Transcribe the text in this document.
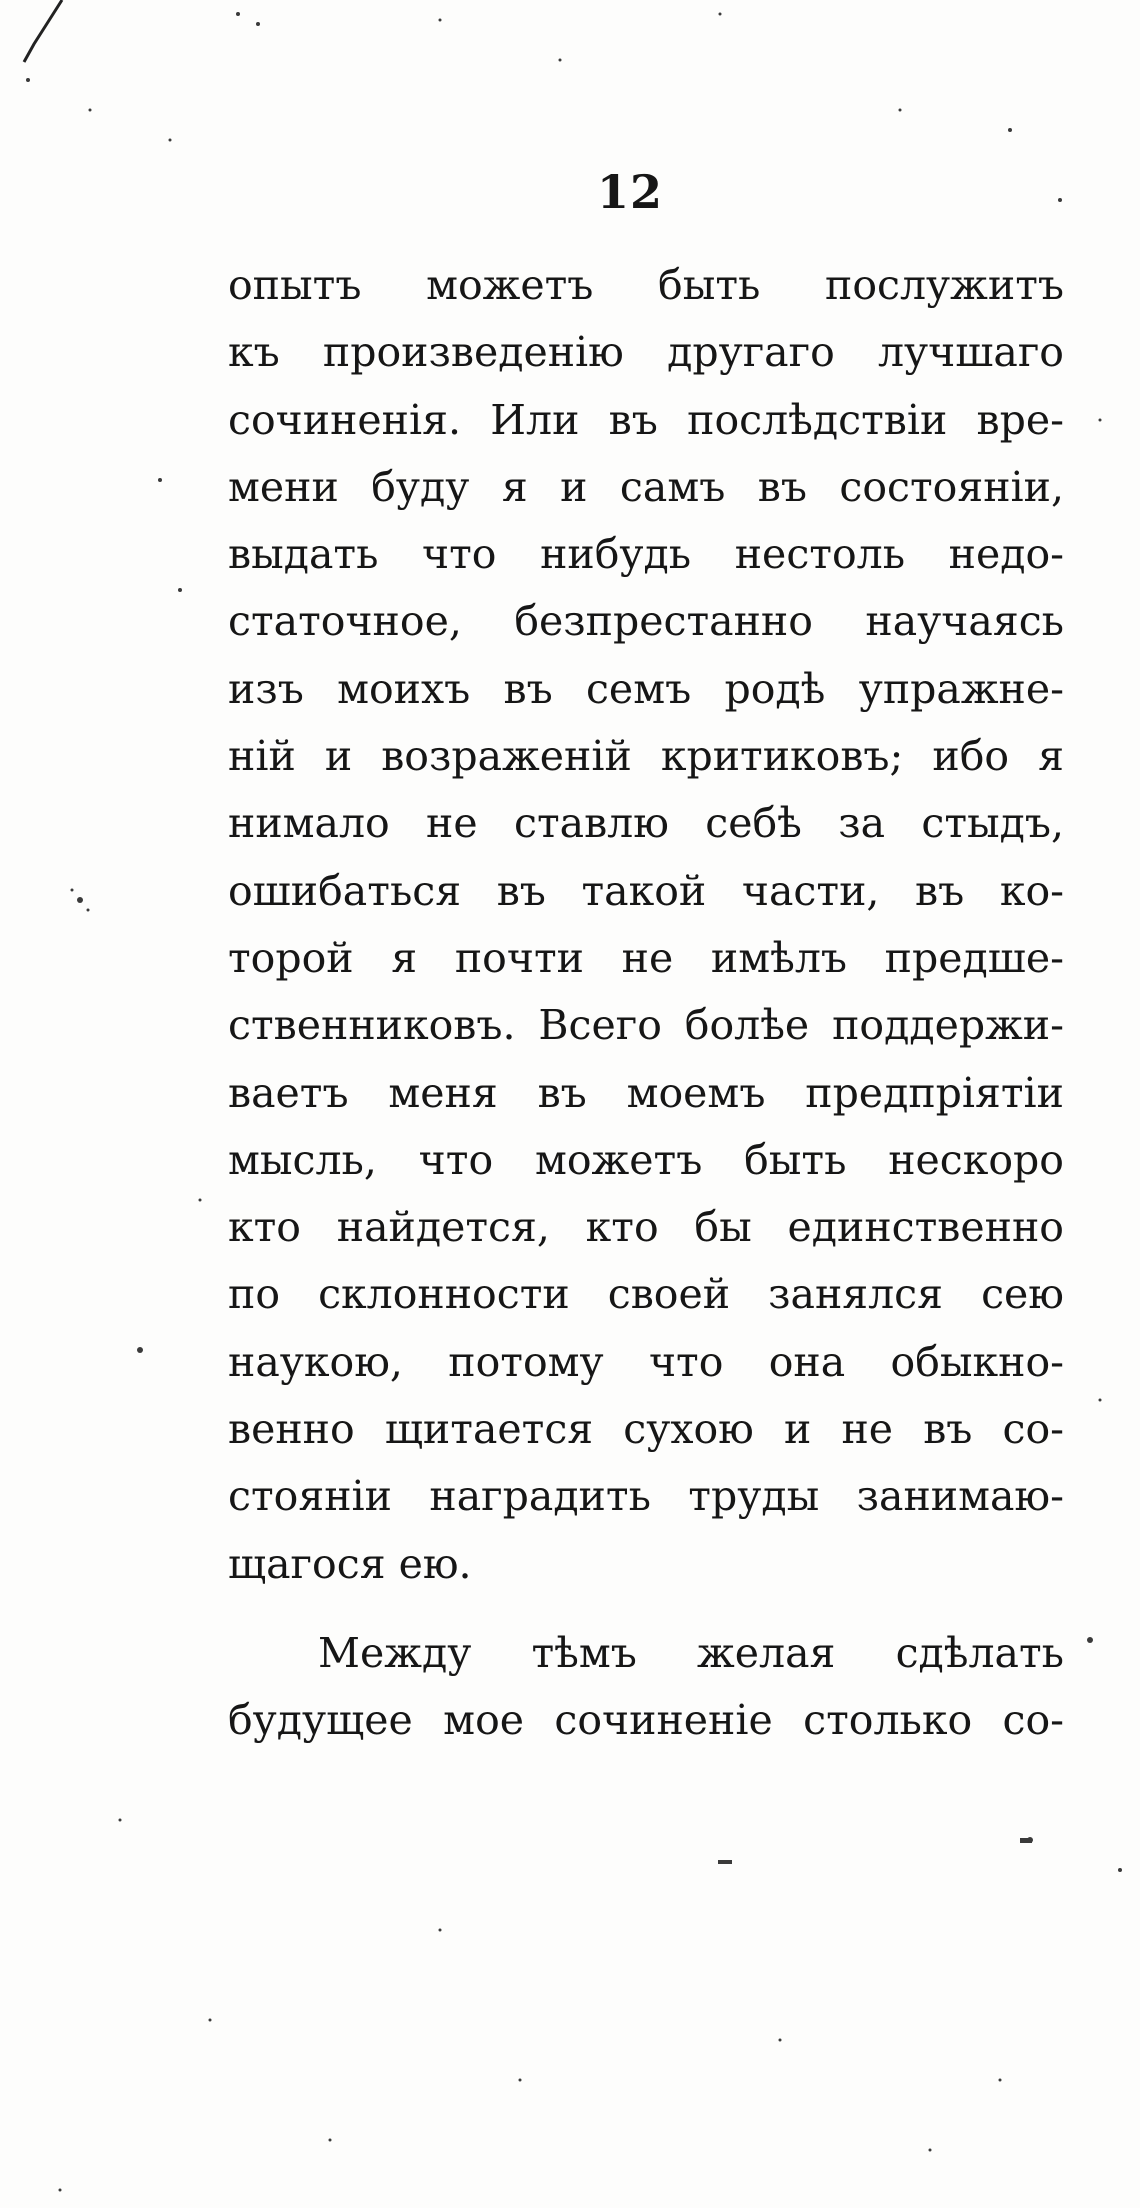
12
опытъ можетъ быть послужитъ
къ произведенію другаго лучшаго
сочиненія. Или въ послѣдствіи вре-
мени буду я и самъ въ состояніи,
выдать что нибудь нестоль недо-
статочное, безпрестанно научаясь
изъ моихъ въ семъ родѣ упражне-
ній и возраженій критиковъ; ибо я
нимало не ставлю себѣ за стыдъ,
ошибаться въ такой части, въ ко-
торой я почти не имѣлъ предше-
ственниковъ. Всего болѣе поддержи-
ваетъ меня въ моемъ предпріятіи
мысль, что можетъ быть нескоро
кто найдется, кто бы единственно
по склонности своей занялся сею
наукою, потому что она обыкно-
венно щитается сухою и не въ со-
стояніи наградить труды занимаю-
щагося ею.
Между тѣмъ желая сдѣлать
будущее мое сочиненіе столько со-
